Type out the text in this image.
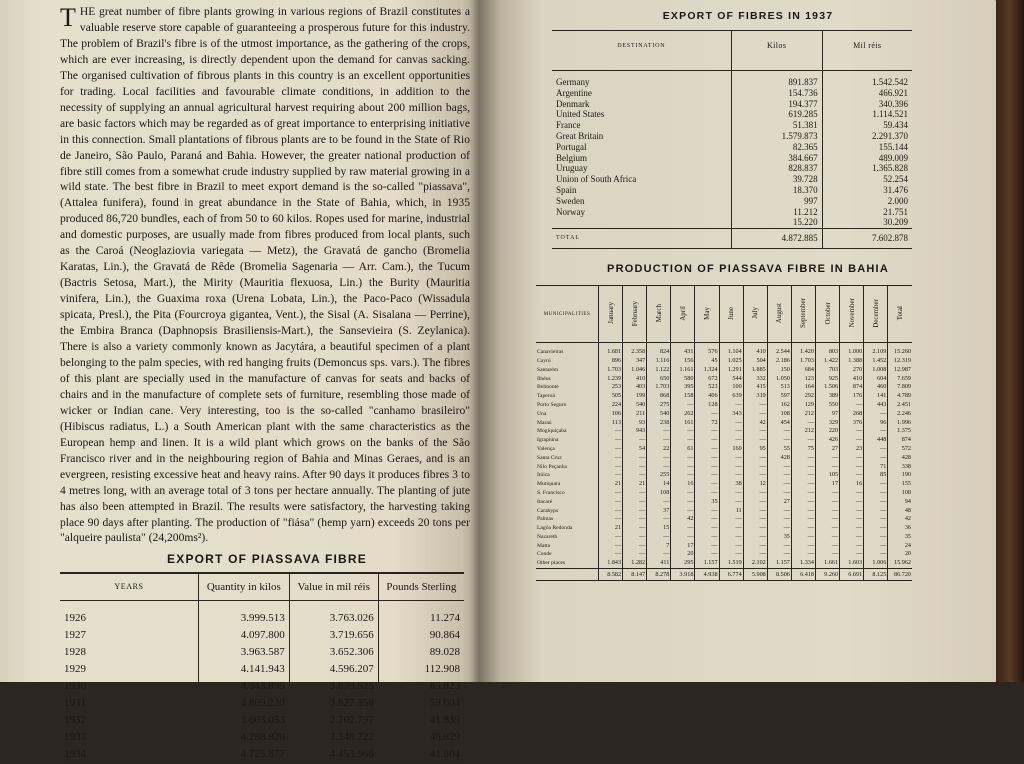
THE great number of fibre plants growing in various regions of Brazil constitutes a valuable reserve store capable of guaranteeing a prosperous future for this industry. The problem of Brazil's fibre is of the utmost importance, as the gathering of the crops, which are ever increasing, is directly dependent upon the demand for canvas sacking. The organised cultivation of fibrous plants in this country is an excellent opportunities for trading. Local facilities and favourable climate conditions, in addition to the necessity of supplying an annual agricultural harvest requiring about 200 million bags, are basic factors which may be regarded as of great importance to enterprising initiative in this connection. Small plantations of fibrous plants are to be found in the State of Rio de Janeiro, São Paulo, Paraná and Bahia. However, the greater national production of fibre still comes from a somewhat crude industry supplied by raw material growing in a wild state. The best fibre in Brazil to meet export demand is the so-called "piassava", (Attalea funifera), found in great abundance in the State of Bahia, which, in 1935 produced 86,720 bundles, each of from 50 to 60 kilos. Ropes used for marine, industrial and domestic purposes, are usually made from fibres produced from local plants, such as the Caroá (Neoglaziovia variegata — Metz), the Gravatá de gancho (Bromelia Karatas, Lin.), the Gravatá de Rêde (Bromelia Sagenaria — Arr. Cam.), the Tucum (Bactris Setosa, Mart.), the Mirity (Mauritia flexuosa, Lin.) the Burity (Mauritia vinifera, Lin.), the Guaxima roxa (Urena Lobata, Lin.), the Paco-Paco (Wissadula spicata, Presl.), the Pita (Fourcroya gigantea, Vent.), the Sisal (A. Sisalana — Perrine), the Embira Branca (Daphnopsis Brasiliensis-Mart.), the Sansevieira (S. Zeylanica). There is also a variety commonly known as Jacytára, a beautiful specimen of a plant belonging to the palm species, with red hanging fruits (Demoncus sps. vars.). The fibres of this plant are specially used in the manufacture of canvas for seats and backs of chairs and in the manufacture of complete sets of furniture, resembling those made of wicker or Indian cane. Very interesting, too is the so-called "canhamo brasileiro" (Hibiscus radiatus, L.) a South American plant with the same characteristics as the European hemp and linen. It is a wild plant which grows on the banks of the São Francisco river and in the neighbouring region of Bahia and Minas Geraes, and is an evergreen, resisting excessive heat and heavy rains. After 90 days it produces fibres 3 to 4 metres long, with an average total of 3 tons per hectare annually. The planting of jute has also been attempted in Brazil. The results were satisfactory, the harvesting taking place 90 days after planting. The production of "fiása" (hemp yarn) exceeds 20 tons per "alqueire paulista" (24,200ms²).

EXPORT OF PIASSAVA FIBRE
YEARS	Quantity in kilos	Value in mil réis	Pounds Sterling
1926	3.999.513	3.763.026	11.274
1927	4.097.800	3.719.656	90.864
1928	3.963.587	3.652.306	89.028
1929	4.141.943	4.596.207	112.908
1930	4.343.895	3.879.525	85.823
1931	4.809.230	3.827.358	59.604
1932	3.603.053	2.702.797	41.839
1933	4.288.828	3.348.722	46.829
1934	4.725.877	4.453.966	41.804
EXPORT OF FIBRES IN 1937
DESTINATION	Kilos	Mil réis
Germany	891.837	1.542.542
Argentine	154.736	466.921
Denmark	194.377	340.396
United States	619.285	1.114.521
France	51.381	59.434
Great Britain	1.579.873	2.291.370
Portugal	82.365	155.144
Belgium	384.667	489.009
Uruguay	828.837	1.365.828
Union of South Africa	39.728	52.254
Spain	18.370	31.476
Sweden	997	2.000
Norway	11.212	21.751
	15.220	30.209
TOTAL	4.872.885	7.602.878
PRODUCTION OF PIASSAVA FIBRE IN BAHIA
MUNICIPALITIES	January	February	March	April	May	June	July	August	September	October	November	December	Total
Canavieiras	1.681	2.358	824	431	576	1.104	410	2.544	1.420	803	1.000	2.109	15.260
Cayrú	896	347	1.116	156	45	1.025	504	2.186	1.703	1.422	1.388	1.452	12.319
Santarém	1.703	1.046	1.122	1.161	1.324	1.291	1.885	150	684	703	270	1.008	12.987
Ilhéus	1.239	410	650	580	672	544	332	1.050	123	925	410	604	7.659
Belmonte	253	403	1.703	395	523	100	415	513	164	1.506	874	460	7.809
Taperoá	505	199	868	158	406	639	319	597	292	389	176	141	4.789
Porto Seguro	224	540	275	—	128	—	—	162	129	550	—	443	2.451
Una	106	211	540	262	—	343	—	108	212	97	268	—	2.246
Maraú	113	93	238	161	72	—	42	454	—	329	376	96	1.996
Mogiquiçaba	—	943	—	—	—	—	—	—	212	220	—	—	1.375
Igrapiúna	—	—	—	—	—	—	—	—	—	426	—	448	874
Valença	—	54	22	61	—	160	95	55	75	27	23	—	572
Santa Cruz	—	—	—	—	—	—	—	428	—	—	—	—	428
Nilo Peçanha	—	—	—	—	—	—	—	—	—	—	—	71	338
Itúica	—	—	255	—	—	—	—	—	—	105	—	85	190
Mutiquara	21	21	14	16	—	38	12	—	—	17	16	—	155
S. Francisco	—	—	108	—	—	—	—	—	—	—	—	—	108
Itacaré	—	—	—	—	35	—	—	27	—	—	—	—	94
Carahyps	—	—	37	—	—	11	—	—	—	—	—	—	48
Palmas	—	—	—	42	—	—	—	—	—	—	—	—	42
Lagôa Redonda	21	—	15	—	—	—	—	—	—	—	—	—	36
Nazareth	—	—	—	—	—	—	—	35	—	—	—	—	35
Matta	—	—	7	17	—	—	—	—	—	—	—	—	24
Conde	—	—	—	20	—	—	—	—	—	—	—	—	20
Other places	1.843	1.282	411	295	1.157	1.519	2.102	1.157	1.334	1.661	1.603	1.006	15.962
	8.582	8.147	8.278	3.918	4.938	6.774	5.908	8.506	6.418	9.260	6.691	8.125	86.720
